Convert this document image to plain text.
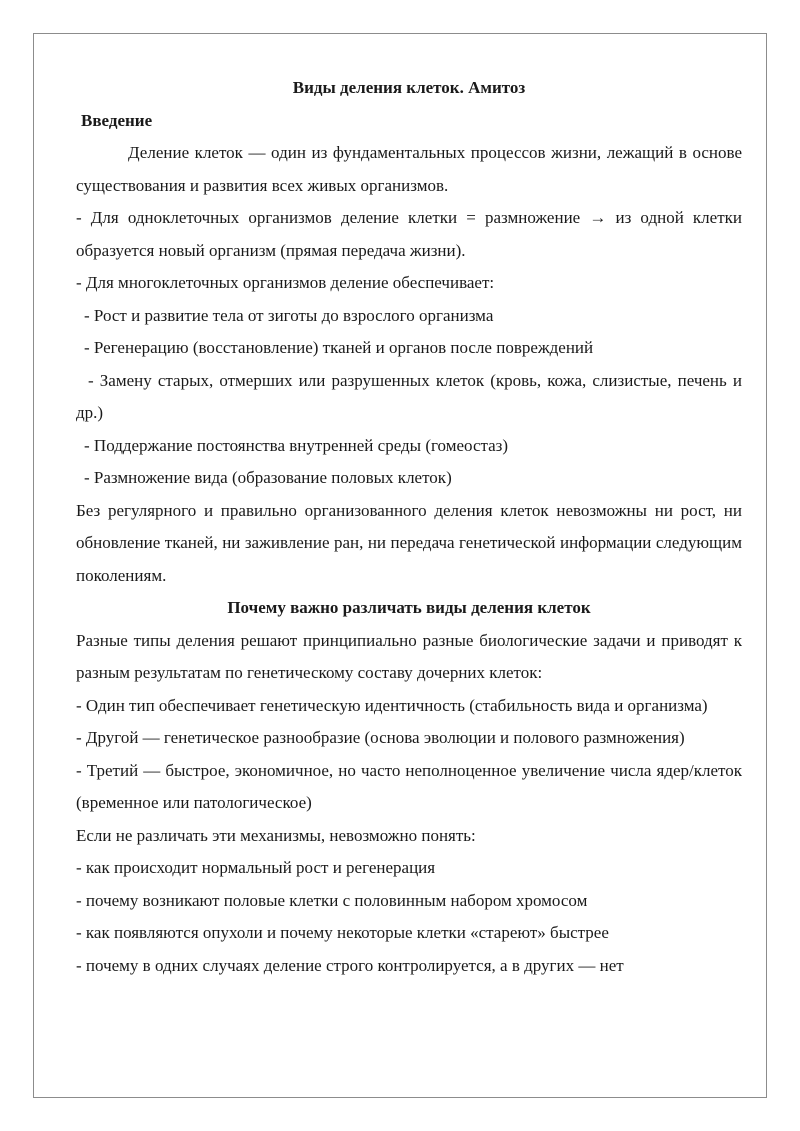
Виды деления клеток. Амитоз

Введение

Деление клеток — один из фундаментальных процессов жизни, лежащий в основе существования и развития всех живых организмов.

- Для одноклеточных организмов деление клетки = размножение → из одной клетки образуется новый организм (прямая передача жизни).

- Для многоклеточных организмов деление обеспечивает:

- Рост и развитие тела от зиготы до взрослого организма

- Регенерацию (восстановление) тканей и органов после повреждений

- Замену старых, отмерших или разрушенных клеток (кровь, кожа, слизистые, печень и др.)

- Поддержание постоянства внутренней среды (гомеостаз)

- Размножение вида (образование половых клеток)

Без регулярного и правильно организованного деления клеток невозможны ни рост, ни обновление тканей, ни заживление ран, ни передача генетической информации следующим поколениям.

Почему важно различать виды деления клеток

Разные типы деления решают принципиально разные биологические задачи и приводят к разным результатам по генетическому составу дочерних клеток:

- Один тип обеспечивает генетическую идентичность (стабильность вида и организма)

- Другой — генетическое разнообразие (основа эволюции и полового размножения)

- Третий — быстрое, экономичное, но часто неполноценное увеличение числа ядер/клеток (временное или патологическое)

Если не различать эти механизмы, невозможно понять:

- как происходит нормальный рост и регенерация

- почему возникают половые клетки с половинным набором хромосом

- как появляются опухоли и почему некоторые клетки «стареют» быстрее

- почему в одних случаях деление строго контролируется, а в других — нет
